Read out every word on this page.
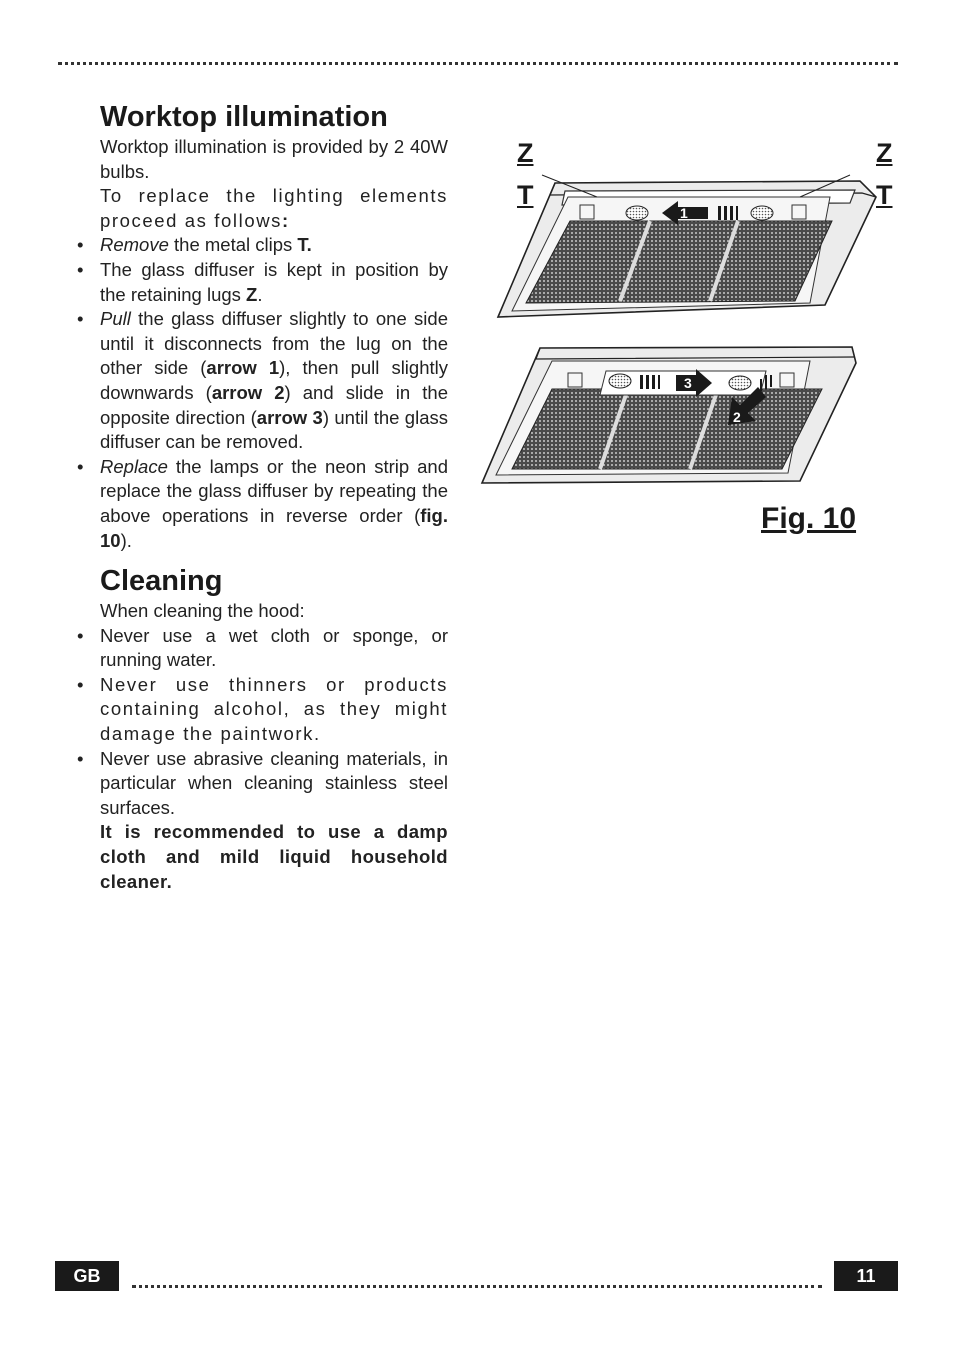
Worktop illumination

Worktop illumination is provided by 2 40W bulbs.

To replace the lighting elements proceed as follows:

• Remove the metal clips T.
• The glass diffuser is kept in position by the retaining lugs Z.
• Pull the glass diffuser slightly to one side until it disconnects from the lug on the other side (arrow 1), then pull slightly downwards (arrow 2) and slide in the opposite direction (arrow 3) until the glass diffuser can be removed.
• Replace the lamps or the neon strip and replace the glass diffuser by repeating the above operations in reverse order (fig. 10).
Cleaning

When cleaning the hood:

• Never use a wet cloth or sponge, or running water.
• Never use thinners or products containing alcohol, as they might damage the paintwork.
• Never use abrasive cleaning materials, in particular when cleaning stainless steel surfaces.

It is recommended to use a damp cloth and mild liquid household cleaner.

1
3
2
Z
T
Z
T
Fig. 10
GB	11
